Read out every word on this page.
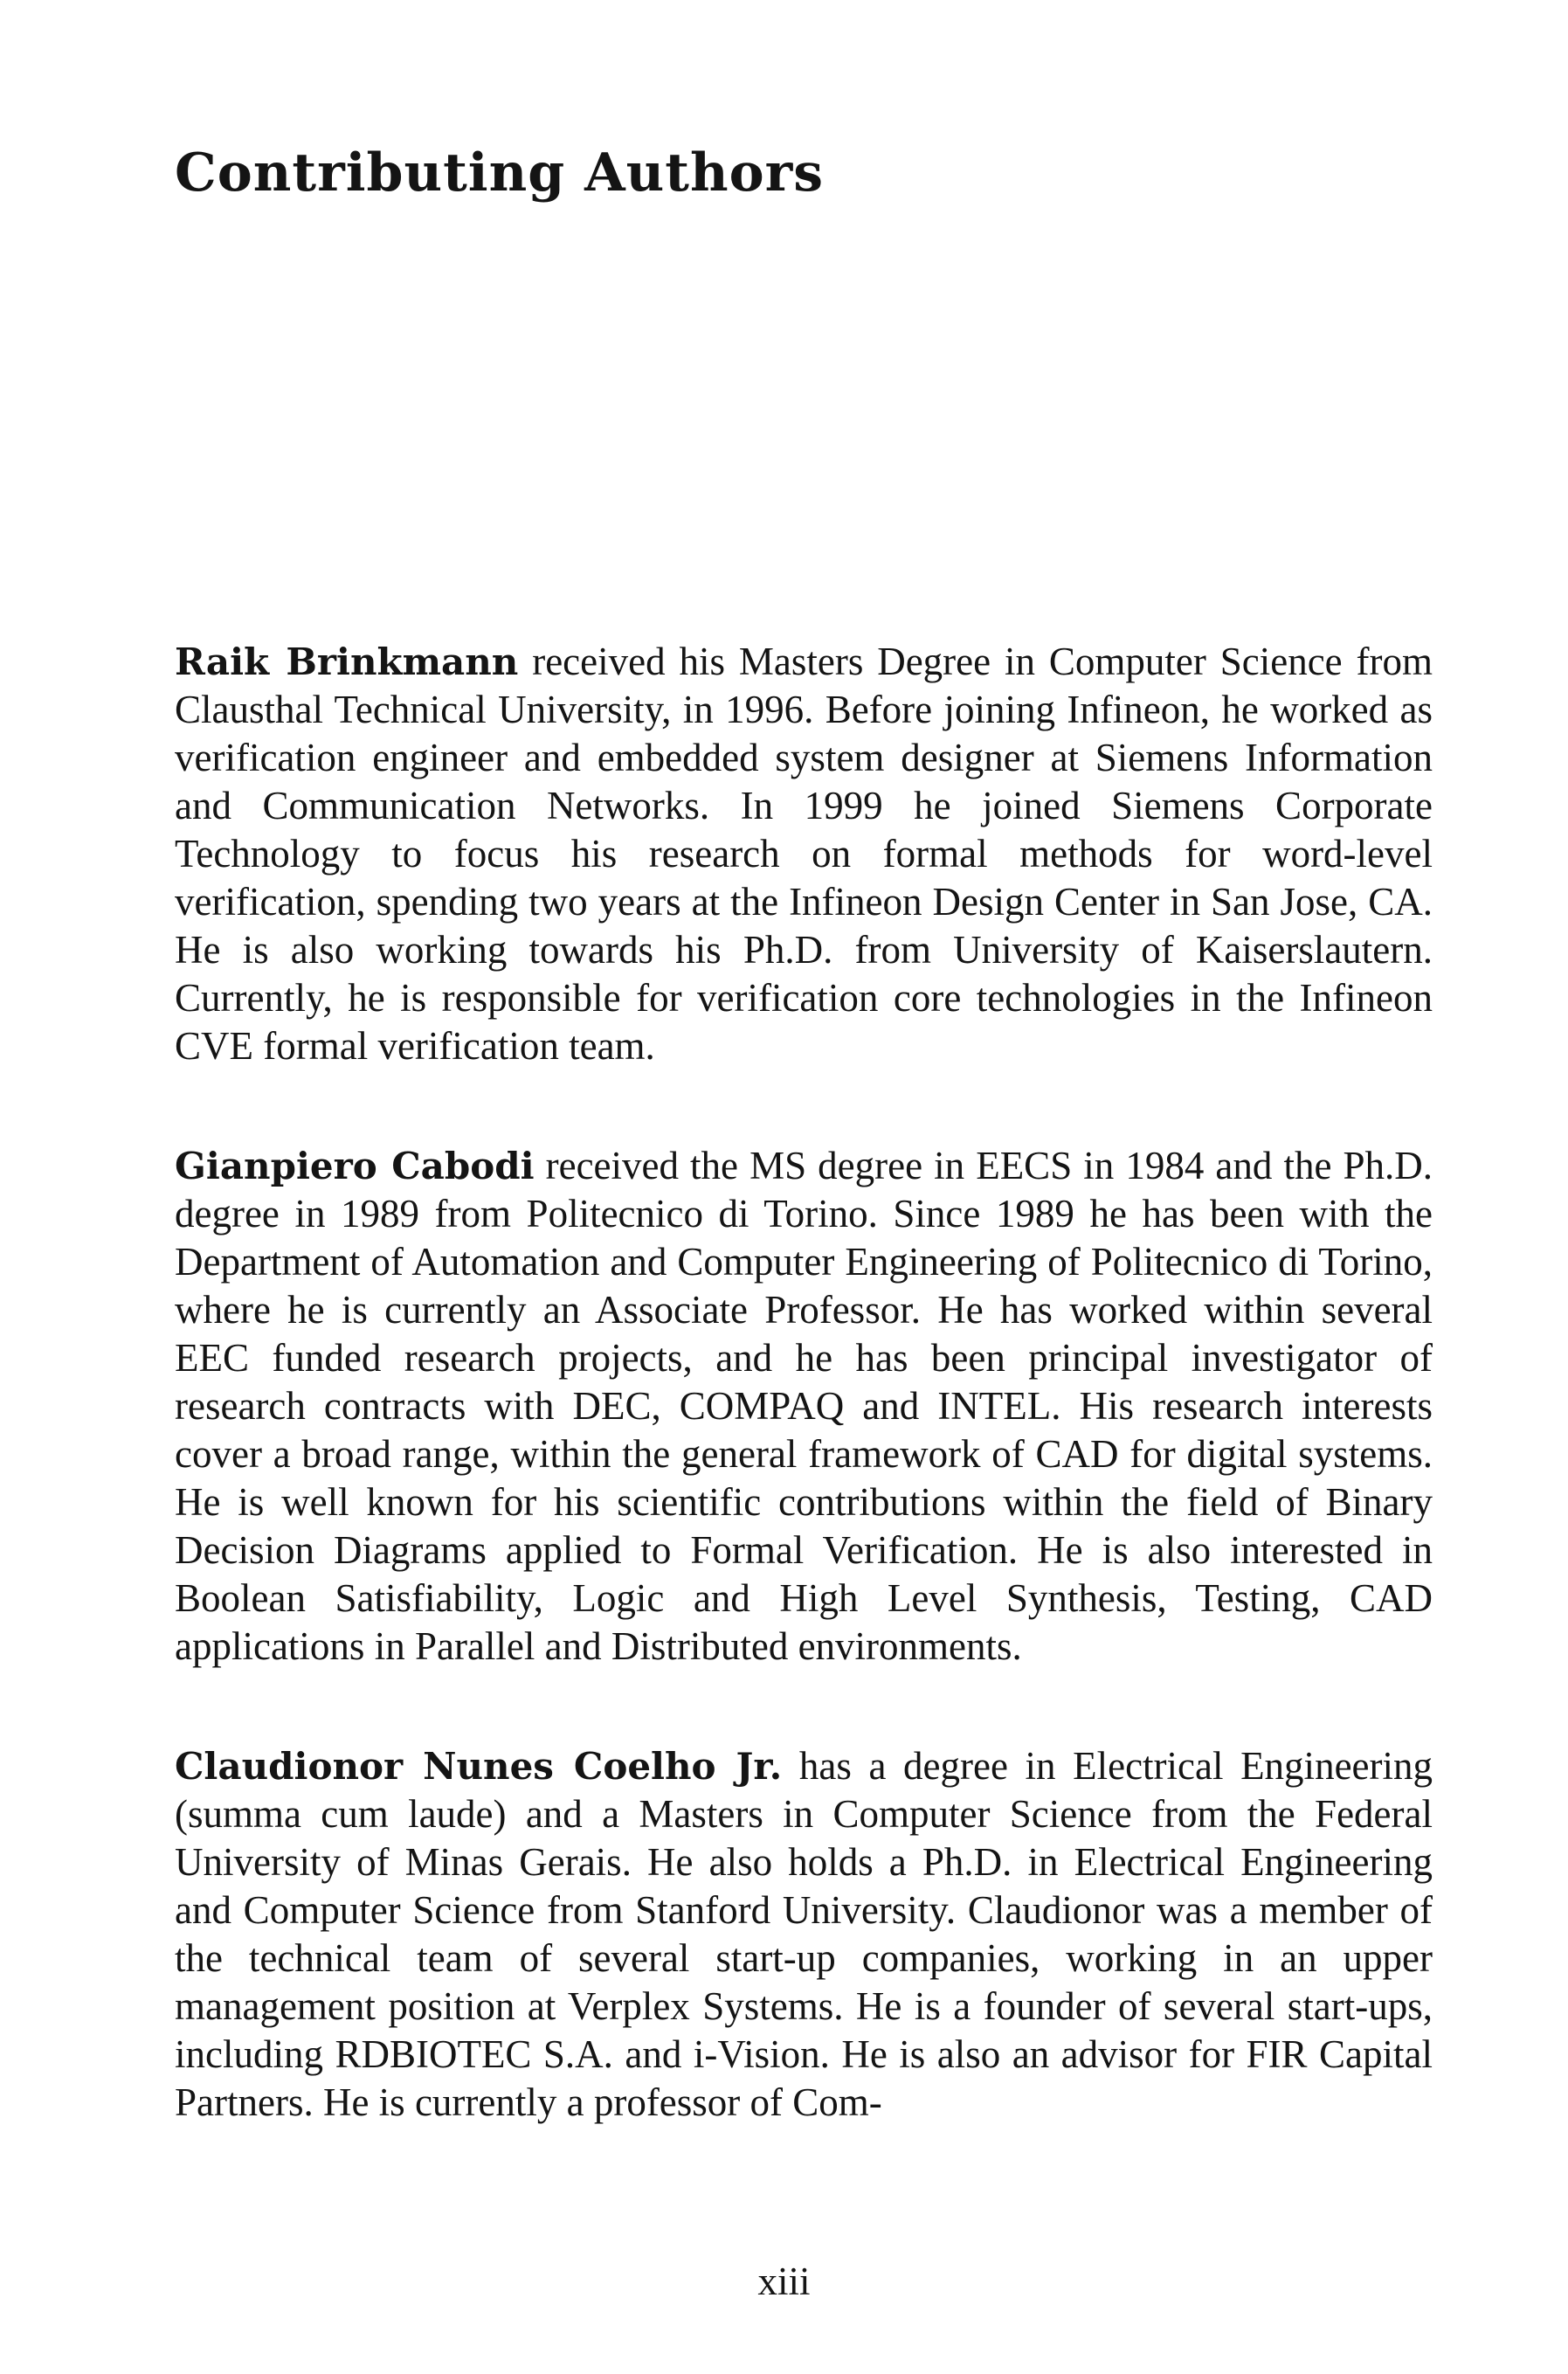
Contributing Authors

Raik Brinkmann received his Masters Degree in Computer Science from Clausthal Technical University, in 1996. Before joining Infineon, he worked as verification engineer and embedded system designer at Siemens Information and Communication Networks. In 1999 he joined Siemens Corporate Technology to focus his research on formal methods for word-level verification, spending two years at the Infineon Design Center in San Jose, CA. He is also working towards his Ph.D. from University of Kaiserslautern. Currently, he is responsible for verification core technologies in the Infineon CVE formal verification team.

Gianpiero Cabodi received the MS degree in EECS in 1984 and the Ph.D. degree in 1989 from Politecnico di Torino. Since 1989 he has been with the Department of Automation and Computer Engineering of Politecnico di Torino, where he is currently an Associate Professor. He has worked within several EEC funded research projects, and he has been principal investigator of research contracts with DEC, COMPAQ and INTEL. His research interests cover a broad range, within the general framework of CAD for digital systems. He is well known for his scientific contributions within the field of Binary Decision Diagrams applied to Formal Verification. He is also interested in Boolean Satisfiability, Logic and High Level Synthesis, Testing, CAD applications in Parallel and Distributed environments.

Claudionor Nunes Coelho Jr. has a degree in Electrical Engineering (summa cum laude) and a Masters in Computer Science from the Federal University of Minas Gerais. He also holds a Ph.D. in Electrical Engineering and Computer Science from Stanford University. Claudionor was a member of the technical team of several start-up companies, working in an upper management position at Verplex Systems. He is a founder of several start-ups, including RDBIOTEC S.A. and i-Vision. He is also an advisor for FIR Capital Partners. He is currently a professor of Com-

xiii
